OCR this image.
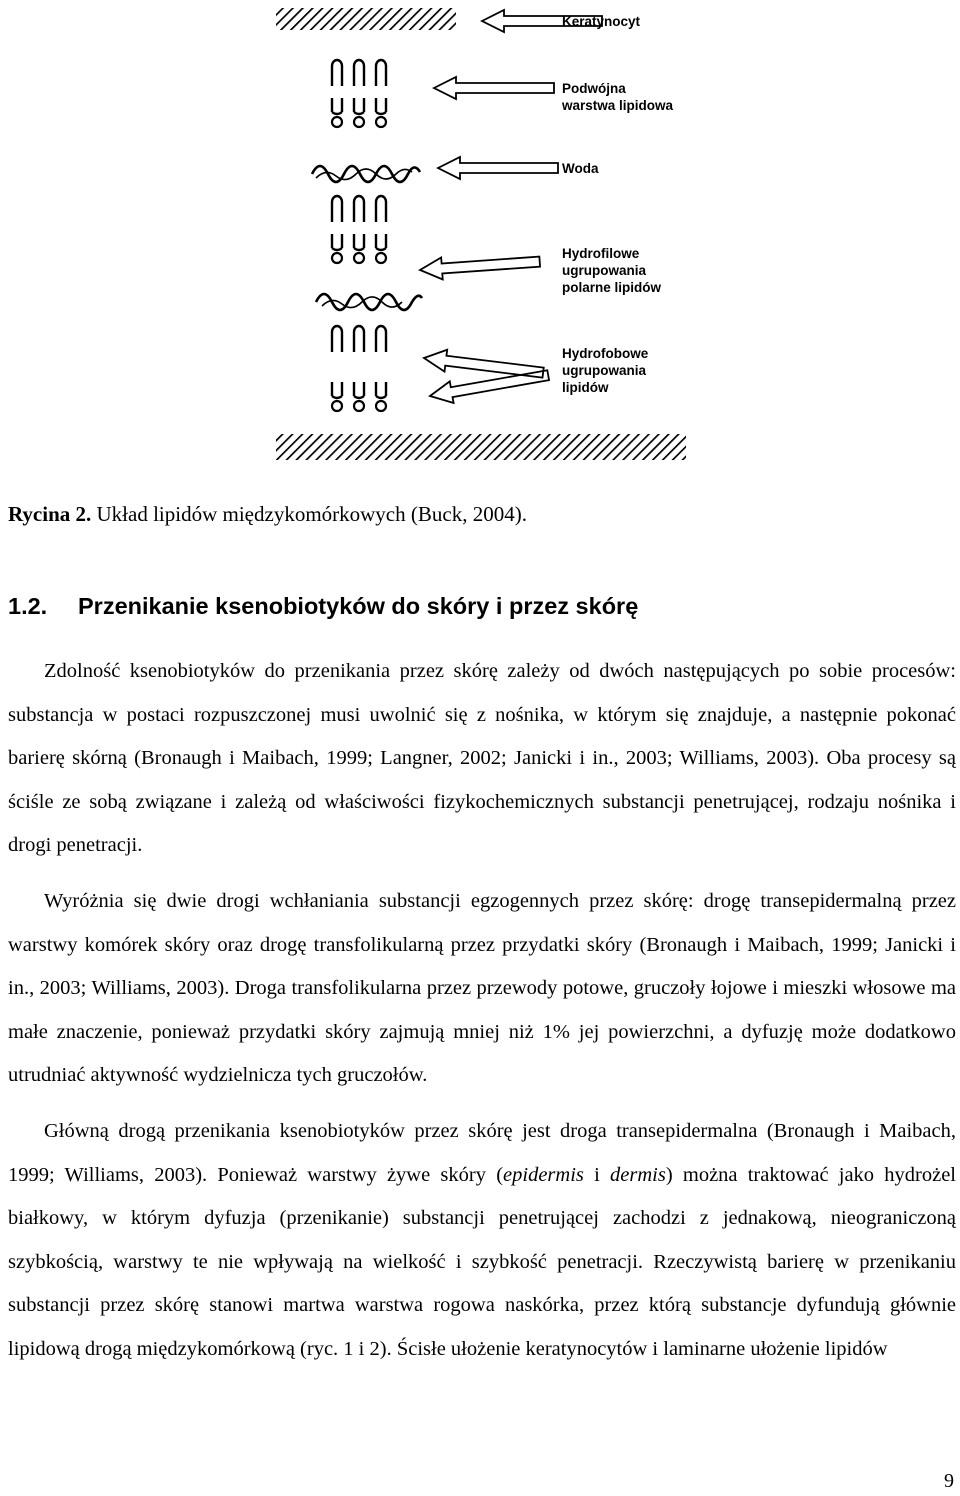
Keratynocyt
Podwójna
warstwa lipidowa
Woda
Hydrofilowe
ugrupowania
polarne lipidów
Hydrofobowe
ugrupowania
lipidów
Rycina 2. Układ lipidów międzykomórkowych (Buck, 2004).
1.2. Przenikanie ksenobiotyków do skóry i przez skórę

Zdolność ksenobiotyków do przenikania przez skórę zależy od dwóch następujących po sobie procesów: substancja w postaci rozpuszczonej musi uwolnić się z nośnika, w którym się znajduje, a następnie pokonać barierę skórną (Bronaugh i Maibach, 1999; Langner, 2002; Janicki i in., 2003; Williams, 2003). Oba procesy są ściśle ze sobą związane i zależą od właściwości fizykochemicznych substancji penetrującej, rodzaju nośnika i drogi penetracji.

Wyróżnia się dwie drogi wchłaniania substancji egzogennych przez skórę: drogę transepidermalną przez warstwy komórek skóry oraz drogę transfolikularną przez przydatki skóry (Bronaugh i Maibach, 1999; Janicki i in., 2003; Williams, 2003). Droga transfolikularna przez przewody potowe, gruczoły łojowe i mieszki włosowe ma małe znaczenie, ponieważ przydatki skóry zajmują mniej niż 1% jej powierzchni, a dyfuzję może dodatkowo utrudniać aktywność wydzielnicza tych gruczołów.

Główną drogą przenikania ksenobiotyków przez skórę jest droga transepidermalna (Bronaugh i Maibach, 1999; Williams, 2003). Ponieważ warstwy żywe skóry (epidermis i dermis) można traktować jako hydrożel białkowy, w którym dyfuzja (przenikanie) substancji penetrującej zachodzi z jednakową, nieograniczoną szybkością, warstwy te nie wpływają na wielkość i szybkość penetracji. Rzeczywistą barierę w przenikaniu substancji przez skórę stanowi martwa warstwa rogowa naskórka, przez którą substancje dyfundują głównie lipidową drogą międzykomórkową (ryc. 1 i 2). Ścisłe ułożenie keratynocytów i laminarne ułożenie lipidów

9
